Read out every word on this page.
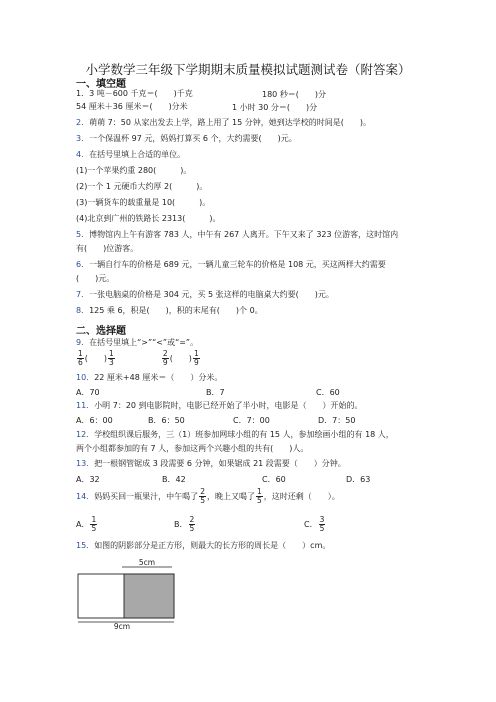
小学数学三年级下学期期末质量模拟试题测试卷（附答案）
一、填空题
1．3 吨－600 千克＝(　　)千克	180 秒＝(　　)分
54 厘米＋36 厘米＝(　　)分米	1 小时 30 分＝(　　)分
2．萌萌 7：50 从家出发去上学，路上用了 15 分钟，她到达学校的时间是(　　)。
3．一个保温杯 97 元，妈妈打算买 6 个，大约需要(　　)元。
4．在括号里填上合适的单位。
(1)一个苹果约重 280(　　　)。
(2)一个 1 元硬币大约厚 2(　　　)。
(3)一辆货车的载重量是 10(　　　)。
(4)北京到广州的铁路长 2313(　　　)。
5．博物馆内上午有游客 783 人，中午有 267 人离开。下午又来了 323 位游客，这时馆内
有(　　)位游客。
6．一辆自行车的价格是 689 元，一辆儿童三轮车的价格是 108 元，买这两样大约需要
(　　)元。
7．一张电脑桌的价格是 304 元，买 5 张这样的电脑桌大约要(　　)元。
8．125 乘 6，积是(　　)，积的末尾有(　　)个 0。
二、选择题
9．在括号里填上“>”“<”或“=”。
$\frac{1}{6}$ (　　) $\frac{1}{3}$
	$\frac{2}{9}$ (　　) $\frac{1}{9}$
10．22 厘米+48 厘米＝（　　）分米。
A．70	B．7	C．60
11．小明 7：20 到电影院时，电影已经开始了半小时，电影是（　　）开始的。
A．6：00	B．6：50	C．7：00	D．7：50
12．学校组织课后服务，三（1）班参加网球小组的有 15 人，参加绘画小组的有 18 人，
两个小组都参加的有 7 人，参加这两个兴趣小组的共有(　　)人。
13．把一根钢管锯成 3 段需要 6 分钟，如果锯成 21 段需要（　　）分钟。
A．32	B．42	C．60	D．63
14．妈妈买回一瓶果汁，中午喝了 $\frac{2}{5}$ ，晚上又喝了 $\frac{1}{5}$ ，这时还剩（　　）。
A． $\frac{1}{5}$	B． $\frac{2}{5}$	C． $\frac{3}{5}$
15．如图的阴影部分是正方形，则最大的长方形的周长是（　　）cm。
5cm
9cm
